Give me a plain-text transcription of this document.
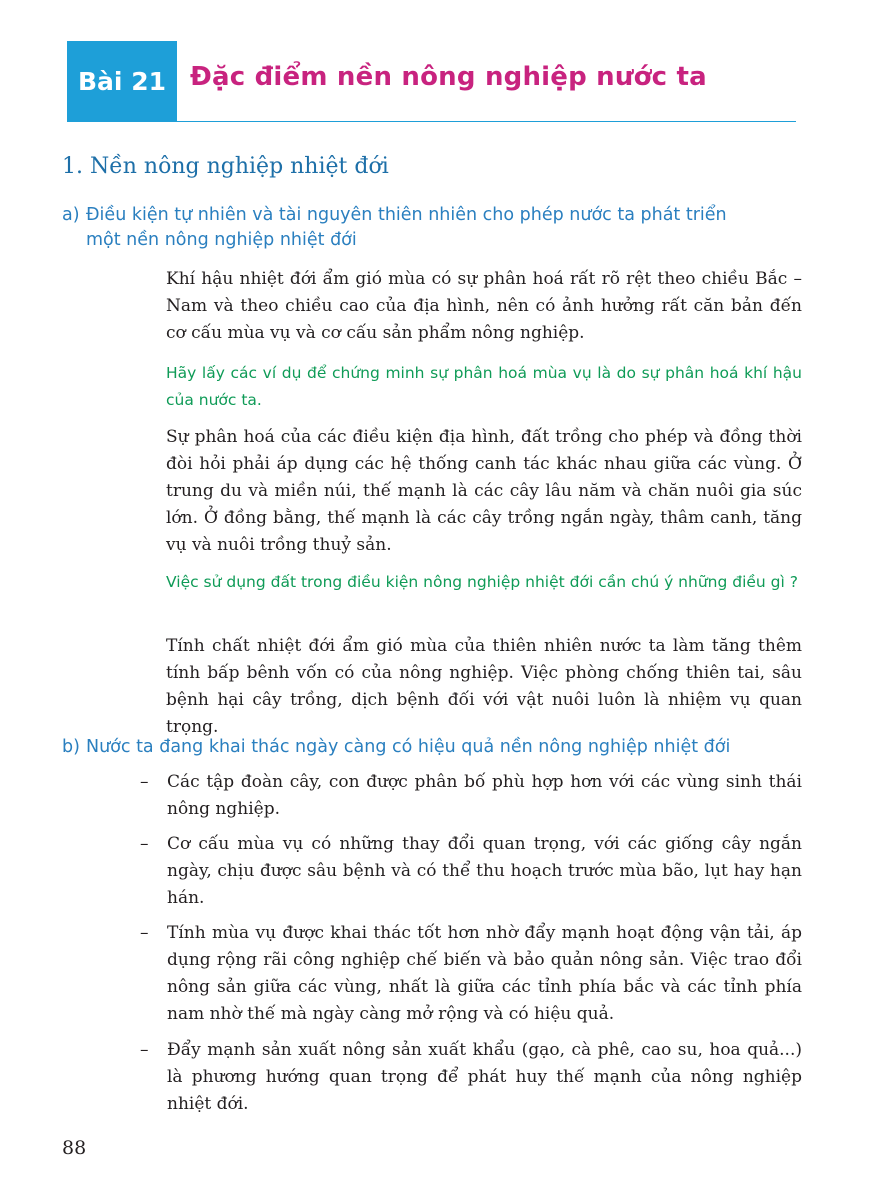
Bài 21 Đặc điểm nền nông nghiệp nước ta
1. Nền nông nghiệp nhiệt đới
a) Điều kiện tự nhiên và tài nguyên thiên nhiên cho phép nước ta phát triển
một nền nông nghiệp nhiệt đới

Khí hậu nhiệt đới ẩm gió mùa có sự phân hoá rất rõ rệt theo chiều Bắc – Nam và theo chiều cao của địa hình, nên có ảnh hưởng rất căn bản đến cơ cấu mùa vụ và cơ cấu sản phẩm nông nghiệp.

Hãy lấy các ví dụ để chứng minh sự phân hoá mùa vụ là do sự phân hoá khí hậu của nước ta.

Sự phân hoá của các điều kiện địa hình, đất trồng cho phép và đồng thời đòi hỏi phải áp dụng các hệ thống canh tác khác nhau giữa các vùng. Ở trung du và miền núi, thế mạnh là các cây lâu năm và chăn nuôi gia súc lớn. Ở đồng bằng, thế mạnh là các cây trồng ngắn ngày, thâm canh, tăng vụ và nuôi trồng thuỷ sản.

Việc sử dụng đất trong điều kiện nông nghiệp nhiệt đới cần chú ý những điều gì ?

Tính chất nhiệt đới ẩm gió mùa của thiên nhiên nước ta làm tăng thêm tính bấp bênh vốn có của nông nghiệp. Việc phòng chống thiên tai, sâu bệnh hại cây trồng, dịch bệnh đối với vật nuôi luôn là nhiệm vụ quan trọng.

b) Nước ta đang khai thác ngày càng có hiệu quả nền nông nghiệp nhiệt đới
–	Các tập đoàn cây, con được phân bố phù hợp hơn với các vùng sinh thái nông nghiệp.
–	Cơ cấu mùa vụ có những thay đổi quan trọng, với các giống cây ngắn ngày, chịu được sâu bệnh và có thể thu hoạch trước mùa bão, lụt hay hạn hán.
–	Tính mùa vụ được khai thác tốt hơn nhờ đẩy mạnh hoạt động vận tải, áp dụng rộng rãi công nghiệp chế biến và bảo quản nông sản. Việc trao đổi nông sản giữa các vùng, nhất là giữa các tỉnh phía bắc và các tỉnh phía nam nhờ thế mà ngày càng mở rộng và có hiệu quả.
–	Đẩy mạnh sản xuất nông sản xuất khẩu (gạo, cà phê, cao su, hoa quả...) là phương hướng quan trọng để phát huy thế mạnh của nông nghiệp nhiệt đới.
88
